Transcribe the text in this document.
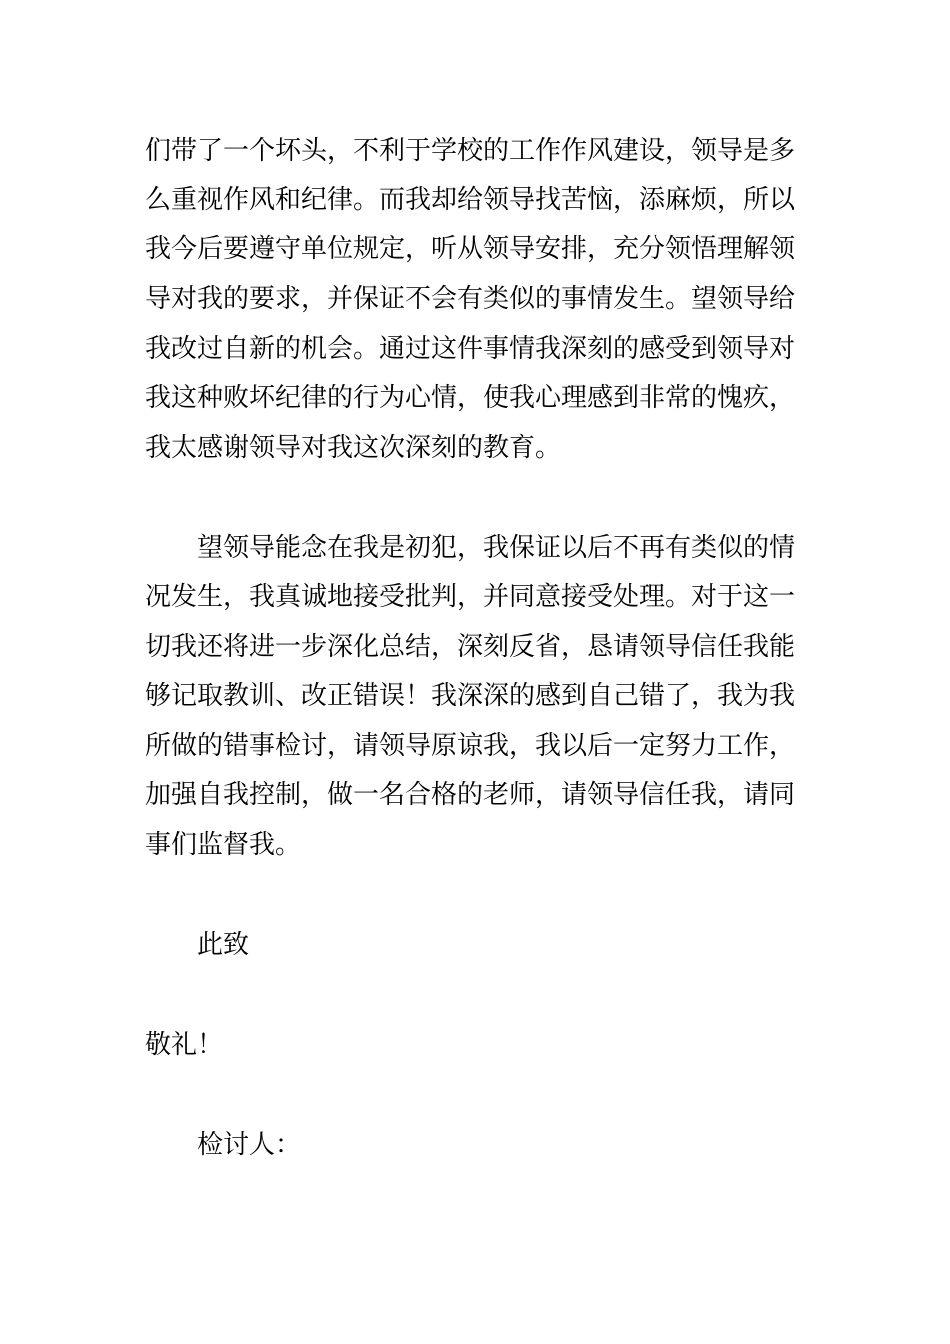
们带了一个坏头，不利于学校的工作作风建设，领导是多
么重视作风和纪律。而我却给领导找苦恼，添麻烦，所以
我今后要遵守单位规定，听从领导安排，充分领悟理解领
导对我的要求，并保证不会有类似的事情发生。望领导给
我改过自新的机会。通过这件事情我深刻的感受到领导对
我这种败坏纪律的行为心情，使我心理感到非常的愧疚，
我太感谢领导对我这次深刻的教育。
望领导能念在我是初犯，我保证以后不再有类似的情
况发生，我真诚地接受批判，并同意接受处理。对于这一
切我还将进一步深化总结，深刻反省，恳请领导信任我能
够记取教训、改正错误！我深深的感到自己错了，我为我
所做的错事检讨，请领导原谅我，我以后一定努力工作，
加强自我控制，做一名合格的老师，请领导信任我，请同
事们监督我。
此致
敬礼！
检讨人：
